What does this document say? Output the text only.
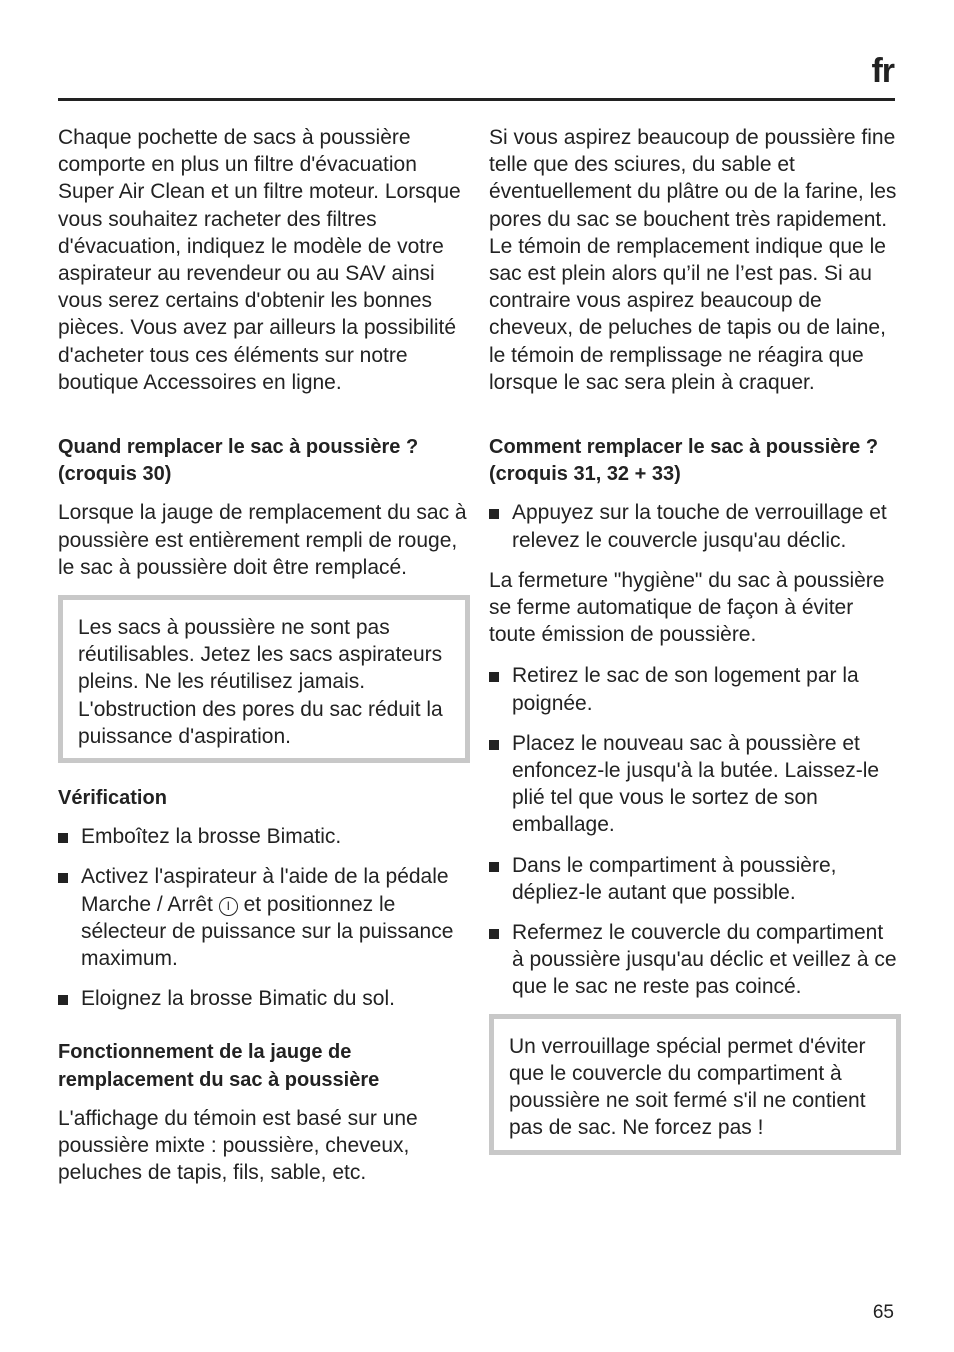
fr

Chaque pochette de sacs à poussière comporte en plus un filtre d'évacuation Super Air Clean et un filtre moteur. Lorsque vous souhaitez racheter des filtres d'évacuation, indiquez le modèle de votre aspirateur au revendeur ou au SAV ainsi vous serez certains d'obtenir les bonnes pièces. Vous avez par ailleurs la possibilité d'acheter tous ces éléments sur notre boutique Accessoires en ligne.

Quand remplacer le sac à poussière ? (croquis 30)

Lorsque la jauge de remplacement du sac à poussière est entièrement rempli de rouge, le sac à poussière doit être remplacé.

Les sacs à poussière ne sont pas réutilisables. Jetez les sacs aspirateurs pleins. Ne les réutilisez jamais. L'obstruction des pores du sac réduit la puissance d'aspiration.

Vérification
Emboîtez la brosse Bimatic.
Activez l'aspirateur à l'aide de la pédale Marche / Arrêt I et positionnez le sélecteur de puissance sur la puissance maximum.
Eloignez la brosse Bimatic du sol.
Fonctionnement de la jauge de remplacement du sac à poussière

L'affichage du témoin est basé sur une poussière mixte : poussière, cheveux, peluches de tapis, fils, sable, etc.

Si vous aspirez beaucoup de poussière fine telle que des sciures, du sable et éventuellement du plâtre ou de la farine, les pores du sac se bouchent très rapidement. Le témoin de remplacement indique que le sac est plein alors qu’il ne l’est pas. Si au contraire vous aspirez beaucoup de cheveux, de peluches de tapis ou de laine, le témoin de remplissage ne réagira que lorsque le sac sera plein à craquer.

Comment remplacer le sac à poussière ? (croquis 31, 32 + 33)
Appuyez sur la touche de verrouillage et relevez le couvercle jusqu'au déclic.

La fermeture "hygiène" du sac à poussière se ferme automatique de façon à éviter toute émission de poussière.

Retirez le sac de son logement par la poignée.
Placez le nouveau sac à poussière et enfoncez-le jusqu'à la butée. Laissez-le plié tel que vous le sortez de son emballage.
Dans le compartiment à poussière, dépliez-le autant que possible.
Refermez le couvercle du compartiment à poussière jusqu'au déclic et veillez à ce que le sac ne reste pas coincé.

Un verrouillage spécial permet d'éviter que le couvercle du compartiment à poussière ne soit fermé s'il ne contient pas de sac. Ne forcez pas !

65
